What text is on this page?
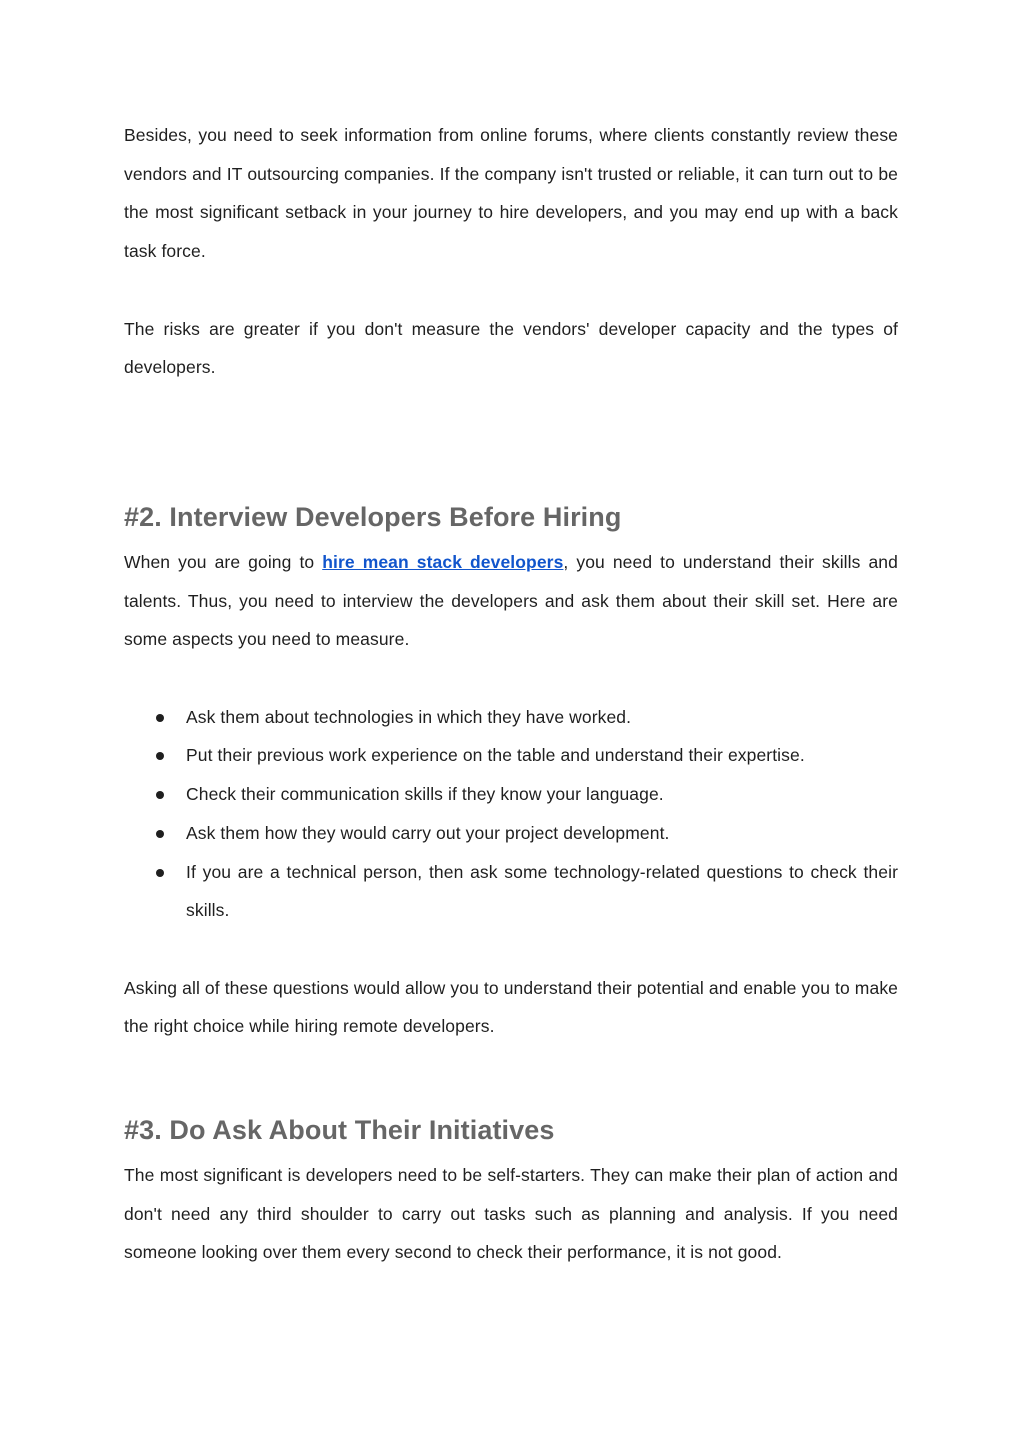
Besides, you need to seek information from online forums, where clients constantly review these vendors and IT outsourcing companies. If the company isn't trusted or reliable, it can turn out to be the most significant setback in your journey to hire developers, and you may end up with a back task force.

The risks are greater if you don't measure the vendors' developer capacity and the types of developers.

#2. Interview Developers Before Hiring

When you are going to hire mean stack developers, you need to understand their skills and talents. Thus, you need to interview the developers and ask them about their skill set. Here are some aspects you need to measure.

Ask them about technologies in which they have worked.
Put their previous work experience on the table and understand their expertise.
Check their communication skills if they know your language.
Ask them how they would carry out your project development.
If you are a technical person, then ask some technology-related questions to check their skills.

Asking all of these questions would allow you to understand their potential and enable you to make the right choice while hiring remote developers.

#3. Do Ask About Their Initiatives

The most significant is developers need to be self-starters. They can make their plan of action and don't need any third shoulder to carry out tasks such as planning and analysis. If you need someone looking over them every second to check their performance, it is not good.
